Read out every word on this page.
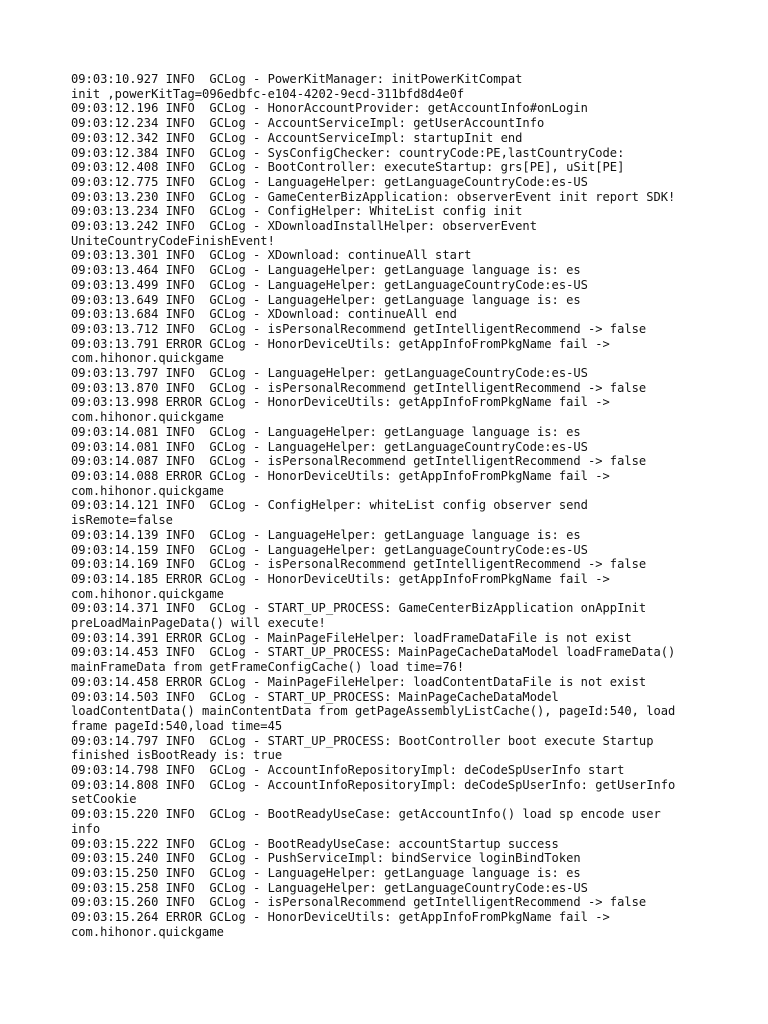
09:03:10.927 INFO  GCLog - PowerKitManager: initPowerKitCompat
init ,powerKitTag=096edbfc-e104-4202-9ecd-311bfd8d4e0f
09:03:12.196 INFO  GCLog - HonorAccountProvider: getAccountInfo#onLogin
09:03:12.234 INFO  GCLog - AccountServiceImpl: getUserAccountInfo
09:03:12.342 INFO  GCLog - AccountServiceImpl: startupInit end
09:03:12.384 INFO  GCLog - SysConfigChecker: countryCode:PE,lastCountryCode:
09:03:12.408 INFO  GCLog - BootController: executeStartup: grs[PE], uSit[PE]
09:03:12.775 INFO  GCLog - LanguageHelper: getLanguageCountryCode:es-US
09:03:13.230 INFO  GCLog - GameCenterBizApplication: observerEvent init report SDK!
09:03:13.234 INFO  GCLog - ConfigHelper: WhiteList config init
09:03:13.242 INFO  GCLog - XDownloadInstallHelper: observerEvent
UniteCountryCodeFinishEvent!
09:03:13.301 INFO  GCLog - XDownload: continueAll start
09:03:13.464 INFO  GCLog - LanguageHelper: getLanguage language is: es
09:03:13.499 INFO  GCLog - LanguageHelper: getLanguageCountryCode:es-US
09:03:13.649 INFO  GCLog - LanguageHelper: getLanguage language is: es
09:03:13.684 INFO  GCLog - XDownload: continueAll end
09:03:13.712 INFO  GCLog - isPersonalRecommend getIntelligentRecommend -> false
09:03:13.791 ERROR GCLog - HonorDeviceUtils: getAppInfoFromPkgName fail ->
com.hihonor.quickgame
09:03:13.797 INFO  GCLog - LanguageHelper: getLanguageCountryCode:es-US
09:03:13.870 INFO  GCLog - isPersonalRecommend getIntelligentRecommend -> false
09:03:13.998 ERROR GCLog - HonorDeviceUtils: getAppInfoFromPkgName fail ->
com.hihonor.quickgame
09:03:14.081 INFO  GCLog - LanguageHelper: getLanguage language is: es
09:03:14.081 INFO  GCLog - LanguageHelper: getLanguageCountryCode:es-US
09:03:14.087 INFO  GCLog - isPersonalRecommend getIntelligentRecommend -> false
09:03:14.088 ERROR GCLog - HonorDeviceUtils: getAppInfoFromPkgName fail ->
com.hihonor.quickgame
09:03:14.121 INFO  GCLog - ConfigHelper: whiteList config observer send
isRemote=false
09:03:14.139 INFO  GCLog - LanguageHelper: getLanguage language is: es
09:03:14.159 INFO  GCLog - LanguageHelper: getLanguageCountryCode:es-US
09:03:14.169 INFO  GCLog - isPersonalRecommend getIntelligentRecommend -> false
09:03:14.185 ERROR GCLog - HonorDeviceUtils: getAppInfoFromPkgName fail ->
com.hihonor.quickgame
09:03:14.371 INFO  GCLog - START_UP_PROCESS: GameCenterBizApplication onAppInit
preLoadMainPageData() will execute!
09:03:14.391 ERROR GCLog - MainPageFileHelper: loadFrameDataFile is not exist
09:03:14.453 INFO  GCLog - START_UP_PROCESS: MainPageCacheDataModel loadFrameData()
mainFrameData from getFrameConfigCache() load time=76!
09:03:14.458 ERROR GCLog - MainPageFileHelper: loadContentDataFile is not exist
09:03:14.503 INFO  GCLog - START_UP_PROCESS: MainPageCacheDataModel
loadContentData() mainContentData from getPageAssemblyListCache(), pageId:540, load
frame pageId:540,load time=45
09:03:14.797 INFO  GCLog - START_UP_PROCESS: BootController boot execute Startup
finished isBootReady is: true
09:03:14.798 INFO  GCLog - AccountInfoRepositoryImpl: deCodeSpUserInfo start
09:03:14.808 INFO  GCLog - AccountInfoRepositoryImpl: deCodeSpUserInfo: getUserInfo
setCookie
09:03:15.220 INFO  GCLog - BootReadyUseCase: getAccountInfo() load sp encode user
info
09:03:15.222 INFO  GCLog - BootReadyUseCase: accountStartup success
09:03:15.240 INFO  GCLog - PushServiceImpl: bindService loginBindToken
09:03:15.250 INFO  GCLog - LanguageHelper: getLanguage language is: es
09:03:15.258 INFO  GCLog - LanguageHelper: getLanguageCountryCode:es-US
09:03:15.260 INFO  GCLog - isPersonalRecommend getIntelligentRecommend -> false
09:03:15.264 ERROR GCLog - HonorDeviceUtils: getAppInfoFromPkgName fail ->
com.hihonor.quickgame
